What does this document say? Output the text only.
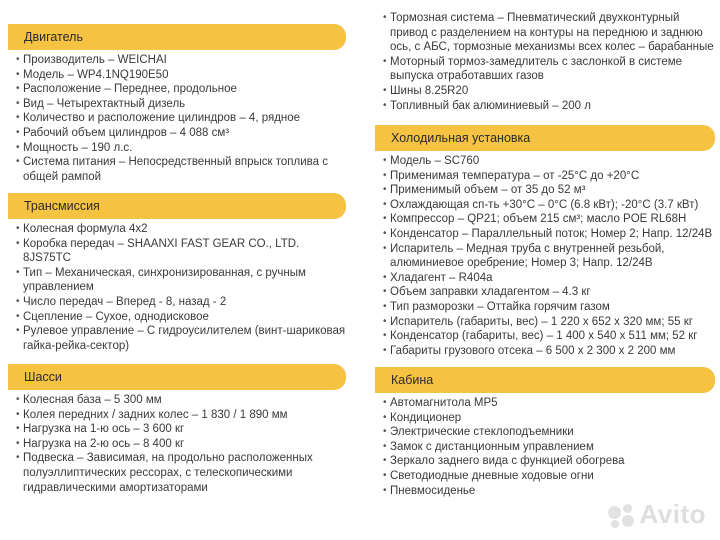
Двигатель
• Производитель – WEICHAI
• Модель – WP4.1NQ190E50
• Расположение – Переднее, продольное
• Вид – Четырехтактный дизель
• Количество и расположение цилиндров – 4, рядное
• Рабочий объем цилиндров – 4 088 см³
• Мощность – 190 л.с.
• Система питания – Непосредственный впрыск топлива с общей рампой
Трансмиссия
• Колесная формула 4х2
• Коробка передач – SHAANXI FAST GEAR CO., LTD. 8JS75TC
• Тип – Механическая, синхронизированная, с ручным управлением
• Число передач – Вперед - 8, назад - 2
• Сцепление – Сухое, однодисковое
• Рулевое управление – С гидроусилителем (винт-шариковая гайка-рейка-сектор)
Шасси
• Колесная база – 5 300 мм
• Колея передних / задних колес – 1 830 / 1 890 мм
• Нагрузка на 1-ю ось – 3 600 кг
• Нагрузка на 2-ю ось – 8 400 кг
• Подвеска – Зависимая, на продольно расположенных полуэллиптических рессорах, с телескопическими гидравлическими амортизаторами
• Тормозная система – Пневматический двухконтурный привод с разделением на контуры на переднюю и заднюю ось, с АБС, тормозные механизмы всех колес – барабанные
• Моторный тормоз-замедлитель с заслонкой в системе выпуска отработавших газов
• Шины 8.25R20
• Топливный бак алюминиевый – 200 л
Холодильная установка
• Модель – SC760
• Применимая температура – от -25°С до +20°С
• Применимый объем – от 35 до 52 м³
• Охлаждающая сп-ть +30°С – 0°С (6.8 кВт); -20°С (3.7 кВт)
• Компрессор – QP21; объем 215 см³; масло POE RL68H
• Конденсатор – Параллельный поток; Номер 2; Напр. 12/24В
• Испаритель – Медная труба с внутренней резьбой, алюминиевое оребрение; Номер 3; Напр. 12/24В
• Хладагент – R404a
• Объем заправки хладагентом – 4.3 кг
• Тип разморозки – Оттайка горячим газом
• Испаритель (габариты, вес) – 1 220 x 652 x 320 мм; 55 кг
• Конденсатор (габариты, вес) – 1 400 x 540 x 511 мм; 52 кг
• Габариты грузового отсека – 6 500 x 2 300 x 2 200 мм
Кабина
• Автомагнитола MP5
• Кондиционер
• Электрические стеклоподъемники
• Замок с дистанционным управлением
• Зеркало заднего вида с функцией обогрева
• Светодиодные дневные ходовые огни
• Пневмосиденье
Avito
